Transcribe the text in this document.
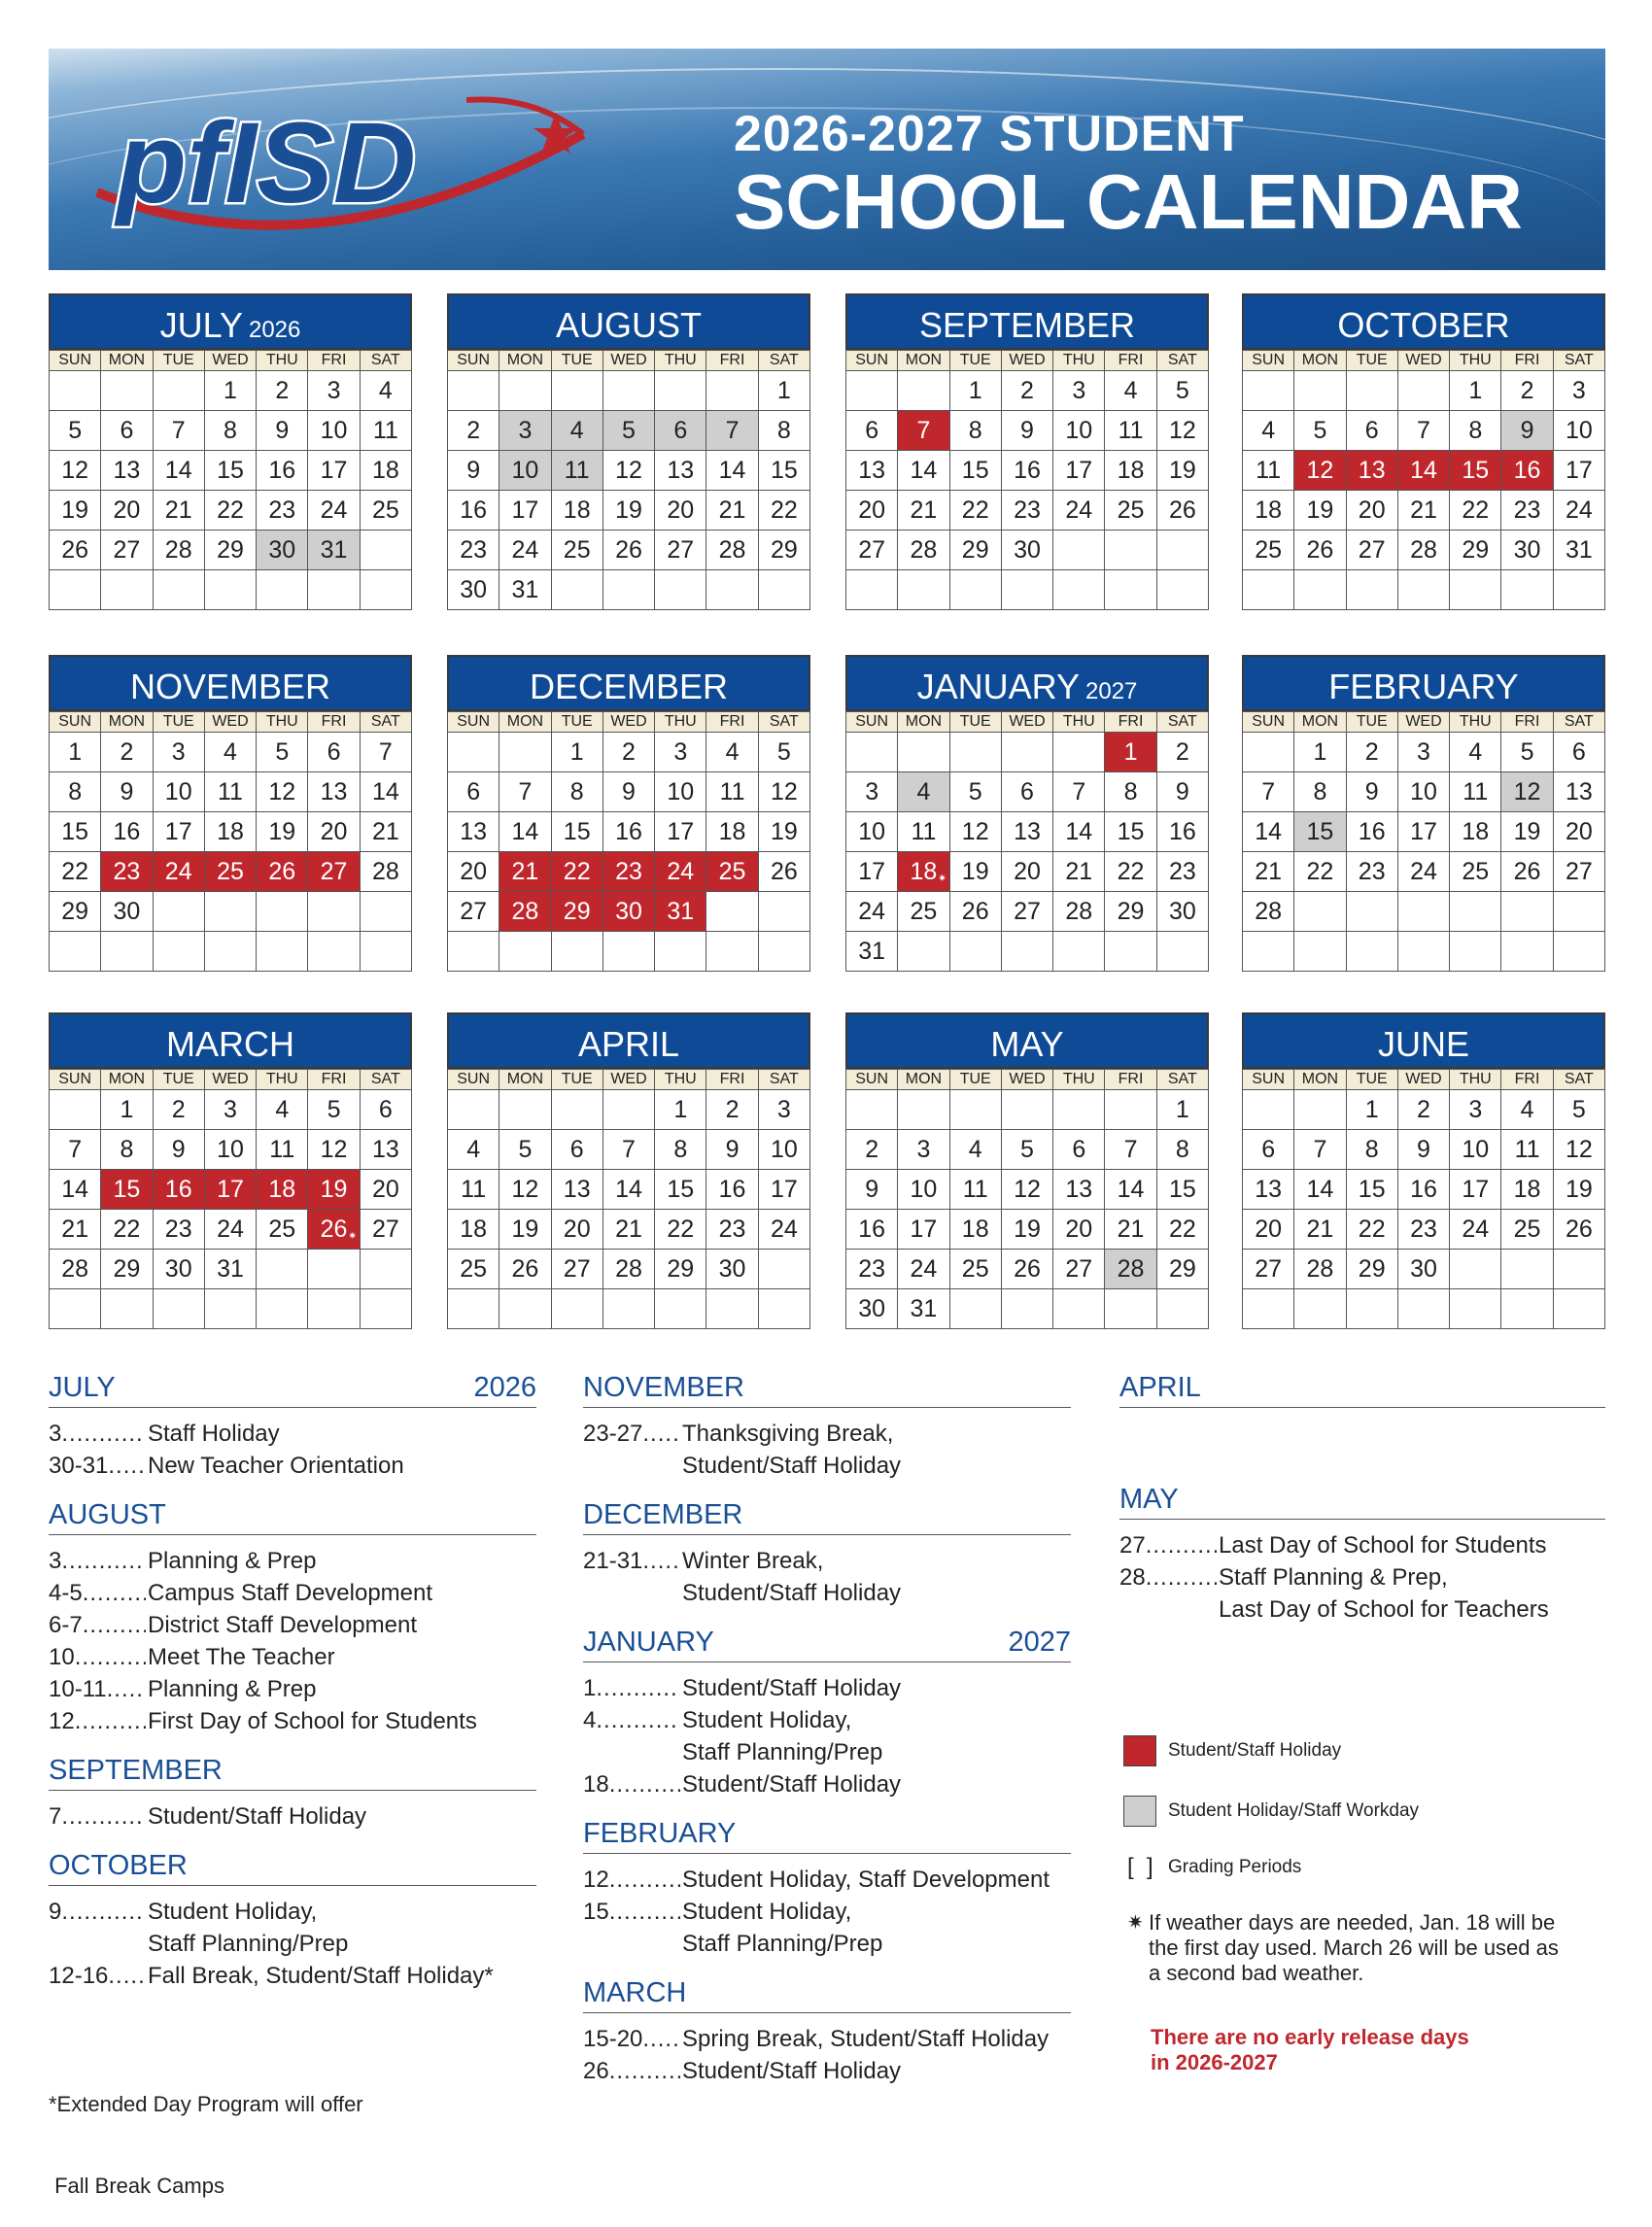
pfISD	2026-2027 STUDENT
SCHOOL CALENDAR
JULY 2026
SUN	MON	TUE	WED	THU	FRI	SAT
			1	2	3	4
5	6	7	8	9	10	11
12	13	14	15	16	17	18
19	20	21	22	23	24	25
26	27	28	29	30	31	

AUGUST
SUN	MON	TUE	WED	THU	FRI	SAT
						1
2	3	4	5	6	7	8
9	10	11	12	13	14	15
16	17	18	19	20	21	22
23	24	25	26	27	28	29
30	31					
SEPTEMBER
SUN	MON	TUE	WED	THU	FRI	SAT
		1	2	3	4	5
6	7	8	9	10	11	12
13	14	15	16	17	18	19
20	21	22	23	24	25	26
27	28	29	30			

OCTOBER
SUN	MON	TUE	WED	THU	FRI	SAT
				1	2	3
4	5	6	7	8	9	10
11	12	13	14	15	16	17
18	19	20	21	22	23	24
25	26	27	28	29	30	31

NOVEMBER
SUN	MON	TUE	WED	THU	FRI	SAT
1	2	3	4	5	6	7
8	9	10	11	12	13	14
15	16	17	18	19	20	21
22	23	24	25	26	27	28
29	30					

DECEMBER
SUN	MON	TUE	WED	THU	FRI	SAT
		1	2	3	4	5
6	7	8	9	10	11	12
13	14	15	16	17	18	19
20	21	22	23	24	25	26
27	28	29	30	31		

JANUARY 2027
SUN	MON	TUE	WED	THU	FRI	SAT
					1	2
3	4	5	6	7	8	9
10	11	12	13	14	15	16
17	18 ✷	19	20	21	22	23
24	25	26	27	28	29	30
31						
FEBRUARY
SUN	MON	TUE	WED	THU	FRI	SAT
	1	2	3	4	5	6
7	8	9	10	11	12	13
14	15	16	17	18	19	20
21	22	23	24	25	26	27
28						

MARCH
SUN	MON	TUE	WED	THU	FRI	SAT
	1	2	3	4	5	6
7	8	9	10	11	12	13
14	15	16	17	18	19	20
21	22	23	24	25	26 ✷	27
28	29	30	31			

APRIL
SUN	MON	TUE	WED	THU	FRI	SAT
				1	2	3
4	5	6	7	8	9	10
11	12	13	14	15	16	17
18	19	20	21	22	23	24
25	26	27	28	29	30	

MAY
SUN	MON	TUE	WED	THU	FRI	SAT
						1
2	3	4	5	6	7	8
9	10	11	12	13	14	15
16	17	18	19	20	21	22
23	24	25	26	27	28	29
30	31					
JUNE
SUN	MON	TUE	WED	THU	FRI	SAT
		1	2	3	4	5
6	7	8	9	10	11	12
13	14	15	16	17	18	19
20	21	22	23	24	25	26
27	28	29	30			

JULY	2026
3 .....	Staff Holiday
30-31 .....	New Teacher Orientation
AUGUST
3 .....	Planning & Prep
4-5 .....	Campus Staff Development
6-7 .....	District Staff Development
10 .....	Meet The Teacher
10-11 .....	Planning & Prep
12 .....	First Day of School for Students
SEPTEMBER
7 .....	Student/Staff Holiday
OCTOBER
9 .....	Student Holiday,
Staff Planning/Prep
12-16 .....	Fall Break, Student/Staff Holiday*
NOVEMBER
23-27 .....	Thanksgiving Break,
Student/Staff Holiday
DECEMBER
21-31 .....	Winter Break,
Student/Staff Holiday
JANUARY	2027
1 .....	Student/Staff Holiday
4 .....	Student Holiday,
Staff Planning/Prep
18 .....	Student/Staff Holiday
FEBRUARY
12 .....	Student Holiday, Staff Development
15 .....	Student Holiday,
Staff Planning/Prep
MARCH
15-20 .....	Spring Break, Student/Staff Holiday
26 .....	Student/Staff Holiday
APRIL
MAY
27 .....	Last Day of School for Students
28 .....	Staff Planning & Prep,
Last Day of School for Teachers
Student/Staff Holiday
Student Holiday/Staff Workday
[  ] Grading Periods
✷ If weather days are needed, Jan. 18 will be
the first day used. March 26 will be used as
a second bad weather.
There are no early release days
in 2026-2027

*Extended Day Program will offer

Fall Break Camps
